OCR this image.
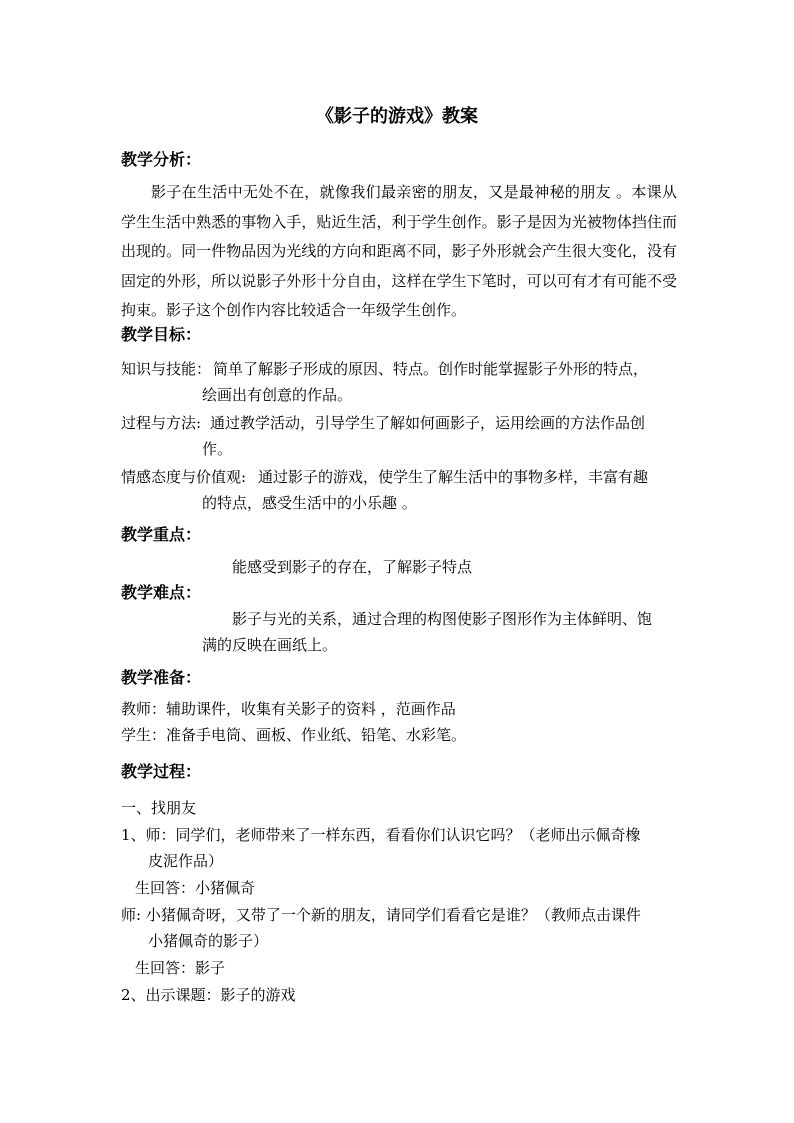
《影子的游戏》教案
教学分析：
影子在生活中无处不在，就像我们最亲密的朋友，又是最神秘的朋友 。本课从学生生活中熟悉的事物入手，贴近生活，利于学生创作。影子是因为光被物体挡住而出现的。同一件物品因为光线的方向和距离不同，影子外形就会产生很大变化，没有固定的外形，所以说影子外形十分自由，这样在学生下笔时，可以可有才有可能不受拘束。影子这个创作内容比较适合一年级学生创作。
教学目标：
知识与技能： 简单了解影子形成的原因、特点。创作时能掌握影子外形的特点，
绘画出有创意的作品。
过程与方法: 通过教学活动，引导学生了解如何画影子，运用绘画的方法作品创
作。
情感态度与价值观: 通过影子的游戏，使学生了解生活中的事物多样，丰富有趣
的特点，感受生活中的小乐趣 。
教学重点：
能感受到影子的存在，了解影子特点
教学难点：
影子与光的关系，通过合理的构图使影子图形作为主体鲜明、饱
满的反映在画纸上。
教学准备：
教师：辅助课件，收集有关影子的资料 ，范画作品
学生：准备手电筒、画板、作业纸、铅笔、水彩笔。
教学过程：
一、找朋友
1、师：同学们，老师带来了一样东西，看看你们认识它吗？（老师出示佩奇橡
皮泥作品）
生回答：小猪佩奇
师: 小猪佩奇呀，又带了一个新的朋友，请同学们看看它是谁？（教师点击课件
小猪佩奇的影子）
生回答：影子
2、出示课题：影子的游戏
